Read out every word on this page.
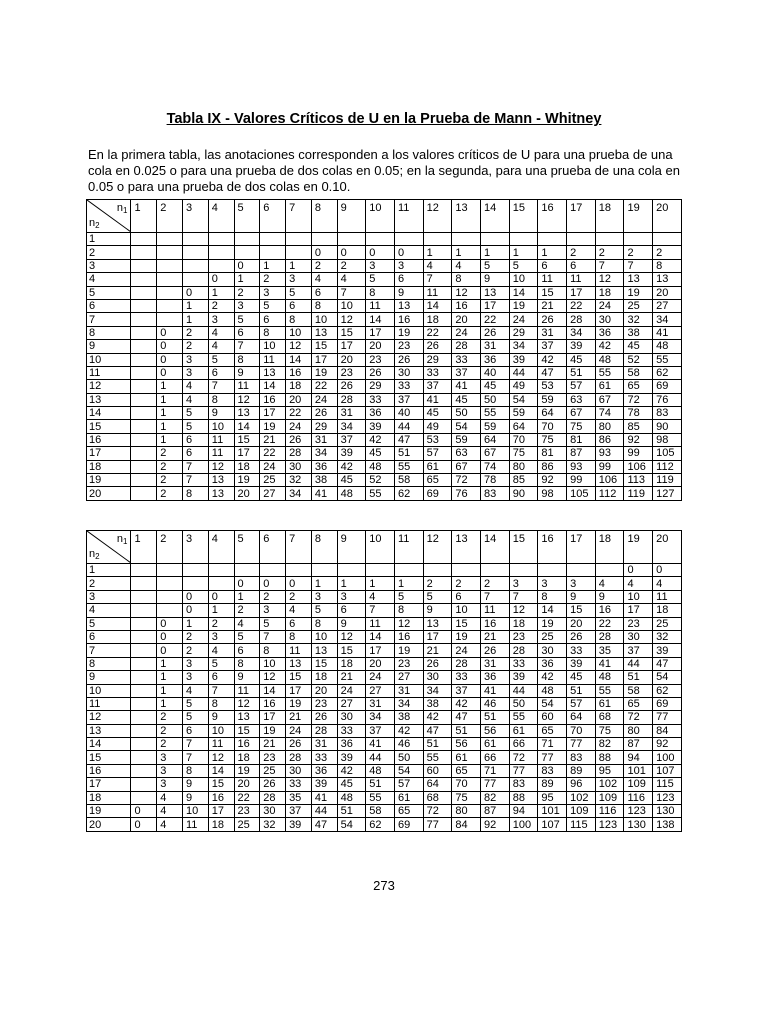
Tabla IX - Valores Críticos de U en la Prueba de Mann - Whitney
En la primera tabla, las anotaciones corresponden a los valores críticos de U para una prueba de una cola en 0.025 o para una prueba de dos colas en 0.05; en la segunda, para una prueba de una cola en 0.05 o para una prueba de dos colas en 0.10.
n1
n2	1	2	3	4	5	6	7	8	9	10	11	12	13	14	15	16	17	18	19	20
1																				
2								0	0	0	0	1	1	1	1	1	2	2	2	2
3					0	1	1	2	2	3	3	4	4	5	5	6	6	7	7	8
4				0	1	2	3	4	4	5	6	7	8	9	10	11	11	12	13	13
5			0	1	2	3	5	6	7	8	9	11	12	13	14	15	17	18	19	20
6			1	2	3	5	6	8	10	11	13	14	16	17	19	21	22	24	25	27
7			1	3	5	6	8	10	12	14	16	18	20	22	24	26	28	30	32	34
8		0	2	4	6	8	10	13	15	17	19	22	24	26	29	31	34	36	38	41
9		0	2	4	7	10	12	15	17	20	23	26	28	31	34	37	39	42	45	48
10		0	3	5	8	11	14	17	20	23	26	29	33	36	39	42	45	48	52	55
11		0	3	6	9	13	16	19	23	26	30	33	37	40	44	47	51	55	58	62
12		1	4	7	11	14	18	22	26	29	33	37	41	45	49	53	57	61	65	69
13		1	4	8	12	16	20	24	28	33	37	41	45	50	54	59	63	67	72	76
14		1	5	9	13	17	22	26	31	36	40	45	50	55	59	64	67	74	78	83
15		1	5	10	14	19	24	29	34	39	44	49	54	59	64	70	75	80	85	90
16		1	6	11	15	21	26	31	37	42	47	53	59	64	70	75	81	86	92	98
17		2	6	11	17	22	28	34	39	45	51	57	63	67	75	81	87	93	99	105
18		2	7	12	18	24	30	36	42	48	55	61	67	74	80	86	93	99	106	112
19		2	7	13	19	25	32	38	45	52	58	65	72	78	85	92	99	106	113	119
20		2	8	13	20	27	34	41	48	55	62	69	76	83	90	98	105	112	119	127
n1
n2	1	2	3	4	5	6	7	8	9	10	11	12	13	14	15	16	17	18	19	20
1																			0	0
2					0	0	0	1	1	1	1	2	2	2	3	3	3	4	4	4
3			0	0	1	2	2	3	3	4	5	5	6	7	7	8	9	9	10	11
4			0	1	2	3	4	5	6	7	8	9	10	11	12	14	15	16	17	18
5		0	1	2	4	5	6	8	9	11	12	13	15	16	18	19	20	22	23	25
6		0	2	3	5	7	8	10	12	14	16	17	19	21	23	25	26	28	30	32
7		0	2	4	6	8	11	13	15	17	19	21	24	26	28	30	33	35	37	39
8		1	3	5	8	10	13	15	18	20	23	26	28	31	33	36	39	41	44	47
9		1	3	6	9	12	15	18	21	24	27	30	33	36	39	42	45	48	51	54
10		1	4	7	11	14	17	20	24	27	31	34	37	41	44	48	51	55	58	62
11		1	5	8	12	16	19	23	27	31	34	38	42	46	50	54	57	61	65	69
12		2	5	9	13	17	21	26	30	34	38	42	47	51	55	60	64	68	72	77
13		2	6	10	15	19	24	28	33	37	42	47	51	56	61	65	70	75	80	84
14		2	7	11	16	21	26	31	36	41	46	51	56	61	66	71	77	82	87	92
15		3	7	12	18	23	28	33	39	44	50	55	61	66	72	77	83	88	94	100
16		3	8	14	19	25	30	36	42	48	54	60	65	71	77	83	89	95	101	107
17		3	9	15	20	26	33	39	45	51	57	64	70	77	83	89	96	102	109	115
18		4	9	16	22	28	35	41	48	55	61	68	75	82	88	95	102	109	116	123
19	0	4	10	17	23	30	37	44	51	58	65	72	80	87	94	101	109	116	123	130
20	0	4	11	18	25	32	39	47	54	62	69	77	84	92	100	107	115	123	130	138
273
